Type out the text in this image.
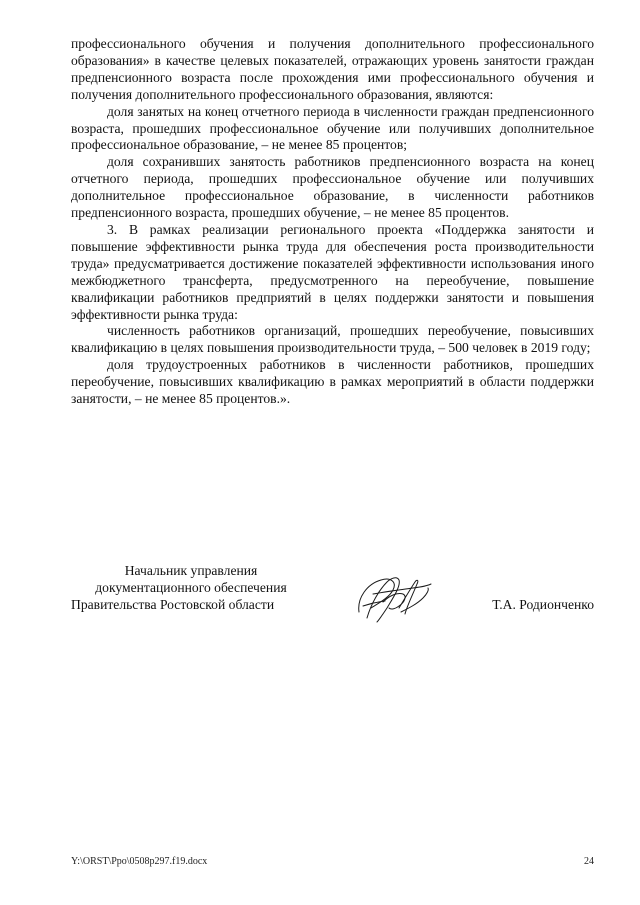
профессионального обучения и получения дополнительного профессионального образования» в качестве целевых показателей, отражающих уровень занятости граждан предпенсионного возраста после прохождения ими профессионального обучения и получения дополнительного профессионального образования, являются:

доля занятых на конец отчетного периода в численности граждан предпенсионного возраста, прошедших профессиональное обучение или получивших дополнительное профессиональное образование, – не менее 85 процентов;

доля сохранивших занятость работников предпенсионного возраста на конец отчетного периода, прошедших профессиональное обучение или получивших дополнительное профессиональное образование, в численности работников предпенсионного возраста, прошедших обучение, – не менее 85 процентов.

3. В рамках реализации регионального проекта «Поддержка занятости и повышение эффективности рынка труда для обеспечения роста производительности труда» предусматривается достижение показателей эффективности использования иного межбюджетного трансферта, предусмотренного на переобучение, повышение квалификации работников предприятий в целях поддержки занятости и повышения эффективности рынка труда:

численность работников организаций, прошедших переобучение, повысивших квалификацию в целях повышения производительности труда, – 500 человек в 2019 году;

доля трудоустроенных работников в численности работников, прошедших переобучение, повысивших квалификацию в рамках мероприятий в области поддержки занятости, – не менее 85 процентов.».

Начальник управления
документационного обеспечения
Правительства Ростовской области	Т.А. Родионченко
Y:\ORST\Ppo\0508p297.f19.docx	24
